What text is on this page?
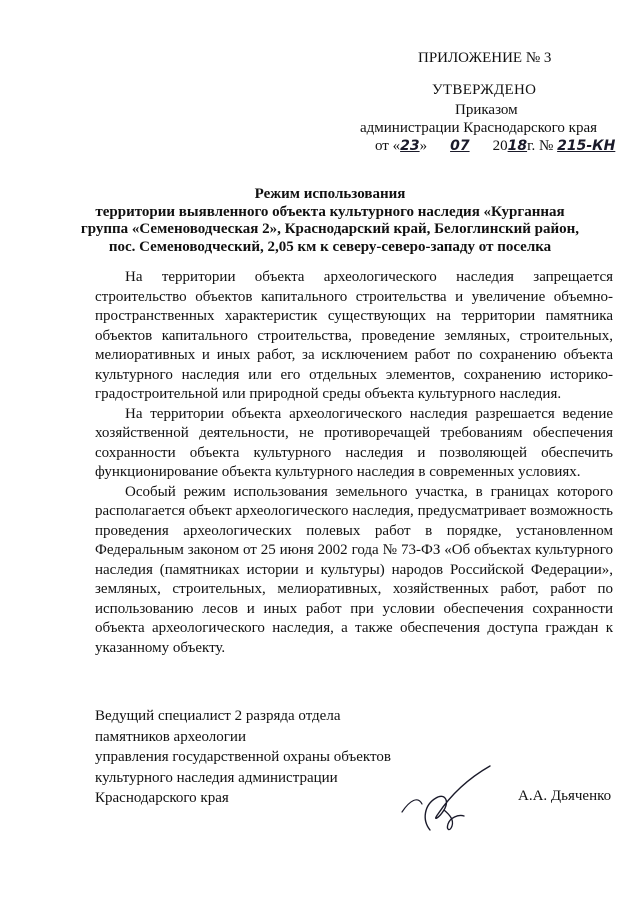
ПРИЛОЖЕНИЕ № 3
УТВЕРЖДЕНО
Приказом
администрации Краснодарского края
от «23» 07 2018г. № 215-КН
Режим использования
территории выявленного объекта культурного наследия «Курганная
группа «Семеноводческая 2», Краснодарский край, Белоглинский район,
пос. Семеноводческий, 2,05 км к северу-северо-западу от поселка

На территории объекта археологического наследия запрещается строительство объектов капитального строительства и увеличение объемно-пространственных характеристик существующих на территории памятника объектов капитального строительства, проведение земляных, строительных, мелиоративных и иных работ, за исключением работ по сохранению объекта культурного наследия или его отдельных элементов, сохранению историко-градостроительной или природной среды объекта культурного наследия.

На территории объекта археологического наследия разрешается ведение хозяйственной деятельности, не противоречащей требованиям обеспечения сохранности объекта культурного наследия и позволяющей обеспечить функционирование объекта культурного наследия в современных условиях.

Особый режим использования земельного участка, в границах которого располагается объект археологического наследия, предусматривает возможность проведения археологических полевых работ в порядке, установленном Федеральным законом от 25 июня 2002 года № 73-ФЗ «Об объектах культурного наследия (памятниках истории и культуры) народов Российской Федерации», земляных, строительных, мелиоративных, хозяйственных работ, работ по использованию лесов и иных работ при условии обеспечения сохранности объекта археологического наследия, а также обеспечения доступа граждан к указанному объекту.

Ведущий специалист 2 разряда отдела
памятников археологии
управления государственной охраны объектов
культурного наследия администрации
Краснодарского края	А.А. Дьяченко
